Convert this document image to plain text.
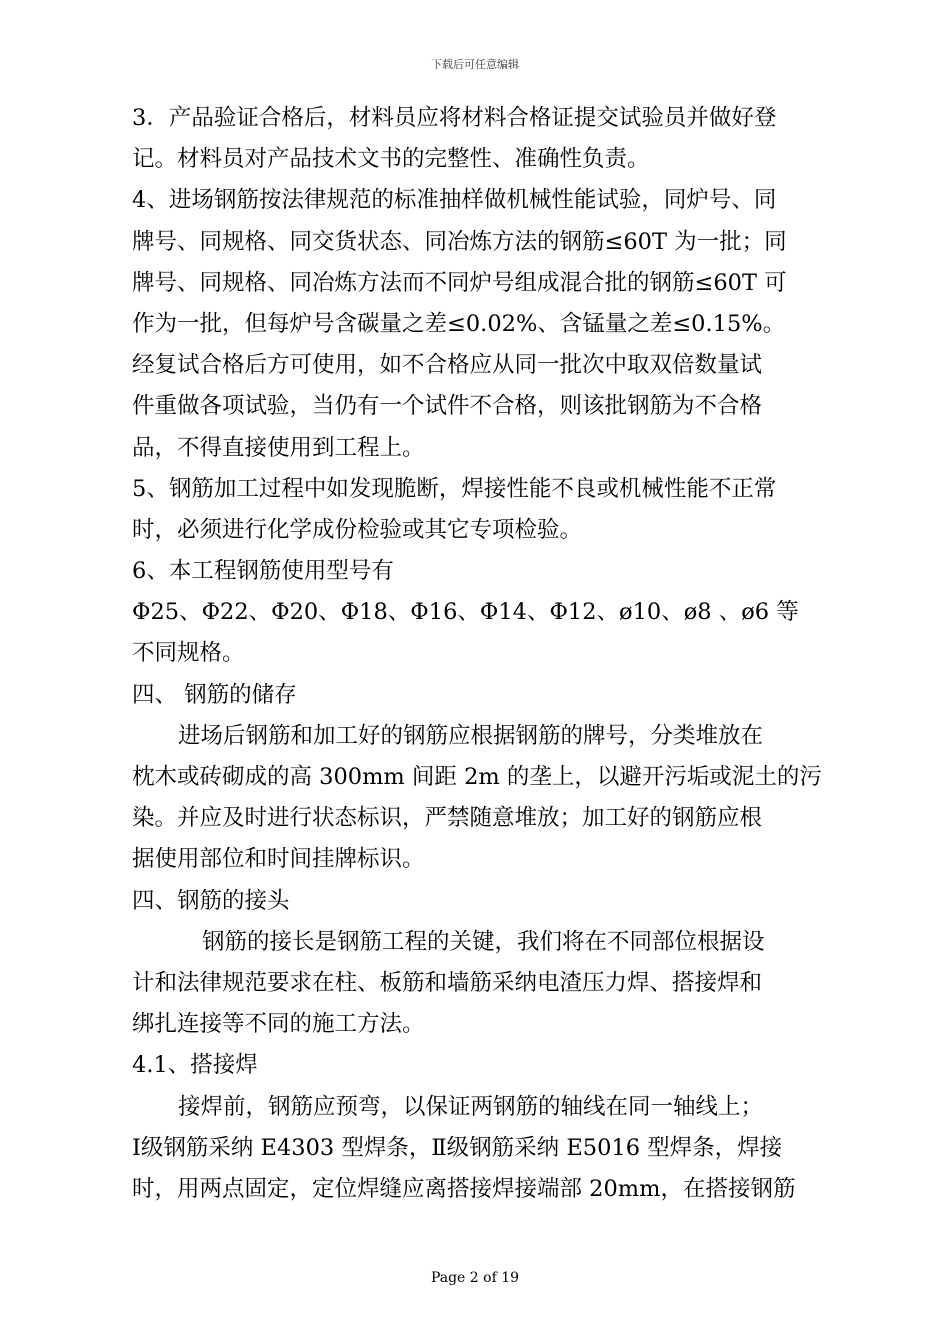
下载后可任意编辑
3．产品验证合格后，材料员应将材料合格证提交试验员并做好登
记。材料员对产品技术文书的完整性、准确性负责。
4、进场钢筋按法律规范的标准抽样做机械性能试验，同炉号、同
牌号、同规格、同交货状态、同冶炼方法的钢筋≤60T 为一批；同
牌号、同规格、同冶炼方法而不同炉号组成混合批的钢筋≤60T 可
作为一批，但每炉号含碳量之差≤0.02%、含锰量之差≤0.15%。
经复试合格后方可使用，如不合格应从同一批次中取双倍数量试
件重做各项试验，当仍有一个试件不合格，则该批钢筋为不合格
品，不得直接使用到工程上。
5、钢筋加工过程中如发现脆断，焊接性能不良或机械性能不正常
时，必须进行化学成份检验或其它专项检验。
6、本工程钢筋使用型号有
Φ25、Φ22、Φ20、Φ18、Φ16、Φ14、Φ12、ø10、ø8 、ø6 等
不同规格。
四、 钢筋的储存
进场后钢筋和加工好的钢筋应根据钢筋的牌号，分类堆放在
枕木或砖砌成的高 300mm 间距 2m 的垄上，以避开污垢或泥土的污
染。并应及时进行状态标识，严禁随意堆放；加工好的钢筋应根
据使用部位和时间挂牌标识。
四、钢筋的接头
钢筋的接长是钢筋工程的关键，我们将在不同部位根据设
计和法律规范要求在柱、板筋和墙筋采纳电渣压力焊、搭接焊和
绑扎连接等不同的施工方法。
4.1、搭接焊
接焊前，钢筋应预弯，以保证两钢筋的轴线在同一轴线上；
Ⅰ级钢筋采纳 E4303 型焊条，Ⅱ级钢筋采纳 E5016 型焊条，焊接
时，用两点固定，定位焊缝应离搭接焊接端部 20mm，在搭接钢筋
Page 2 of 19
